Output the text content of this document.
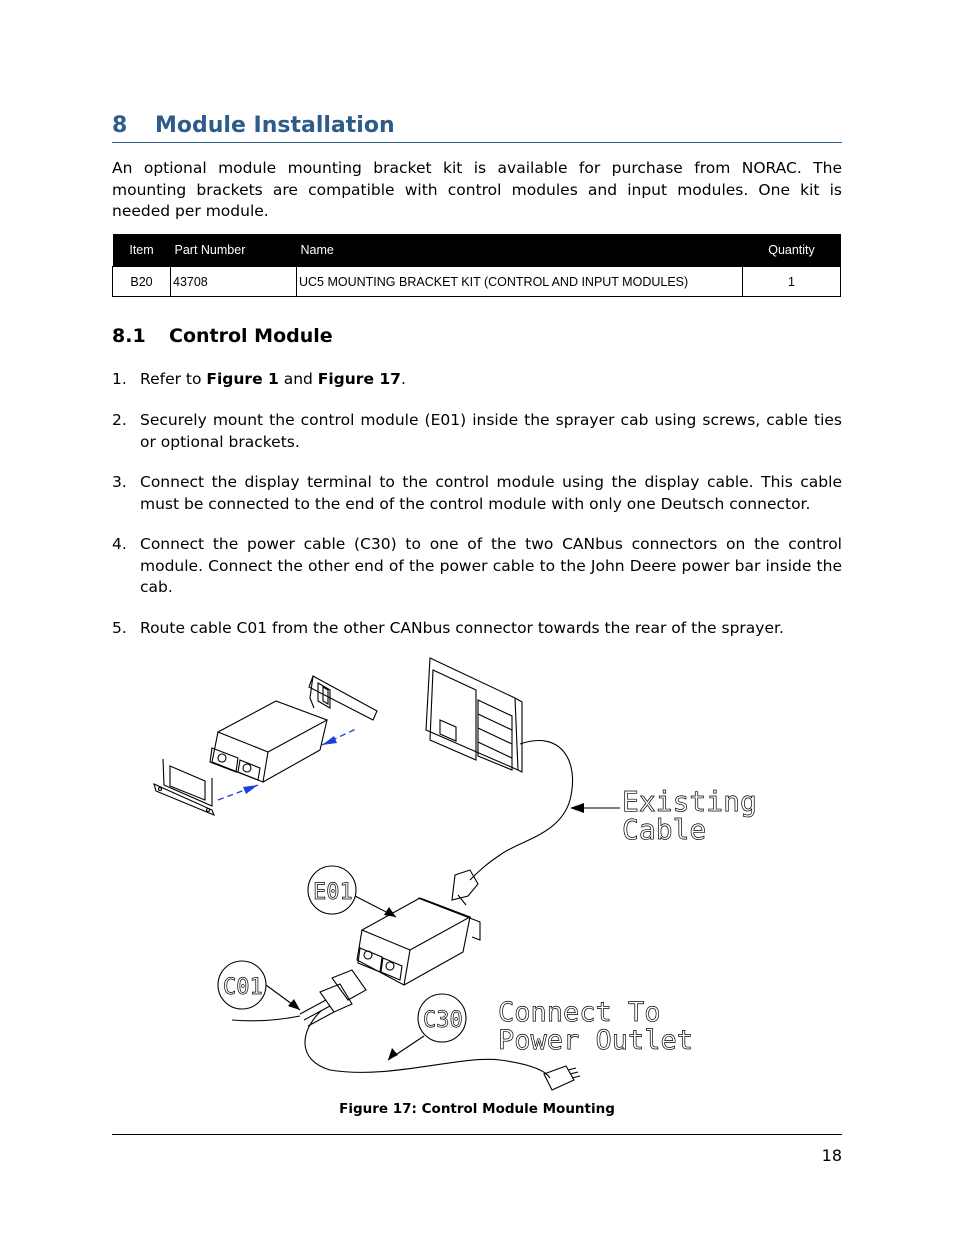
8 Module Installation
An optional module mounting bracket kit is available for purchase from NORAC. The mounting brackets are compatible with control modules and input modules. One kit is needed per module.
Item	Part Number	Name	Quantity
B20	43708	UC5 MOUNTING BRACKET KIT (CONTROL AND INPUT MODULES)	1
8.1 Control Module
1. Refer to Figure 1 and Figure 17.
2. Securely mount the control module (E01) inside the sprayer cab using screws, cable ties or optional brackets.
3. Connect the display terminal to the control module using the display cable. This cable must be connected to the end of the control module with only one Deutsch connector.
4. Connect the power cable (C30) to one of the two CANbus connectors on the control module. Connect the other end of the power cable to the John Deere power bar inside the cab.
5. Route cable C01 from the other CANbus connector towards the rear of the sprayer.
Existing
Cable
E01
C01
C30 Connect To
Power Outlet
Figure 17: Control Module Mounting
18
